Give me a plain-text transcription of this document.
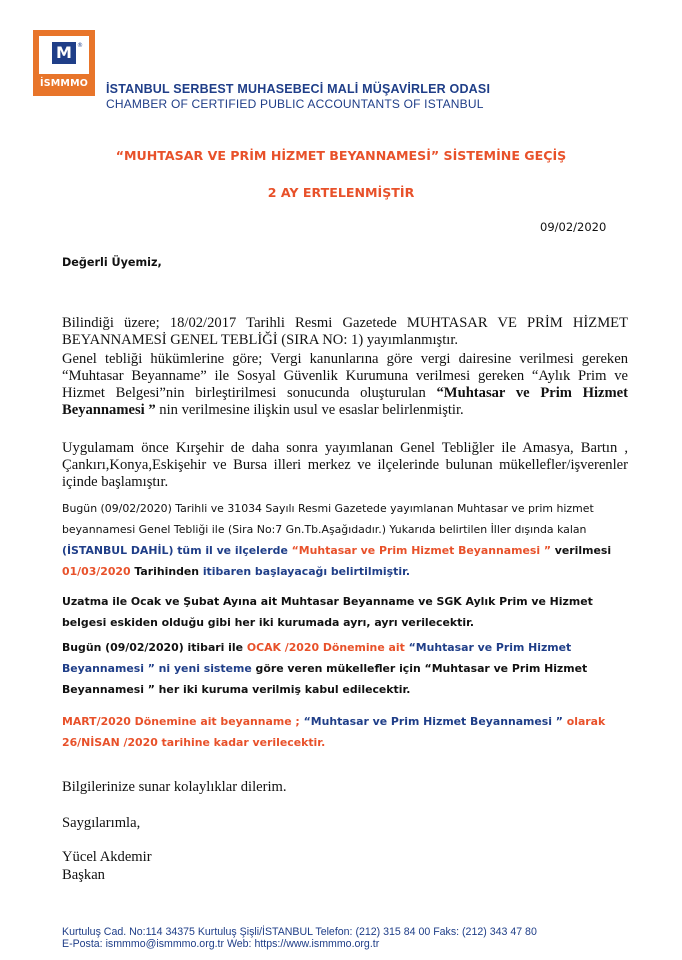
M ®
İSMMMO	İSTANBUL SERBEST MUHASEBECİ MALİ MÜŞAVİRLER ODASI
CHAMBER OF CERTIFIED PUBLIC ACCOUNTANTS OF ISTANBUL
“MUHTASAR VE PRİM HİZMET BEYANNAMESİ” SİSTEMİNE GEÇİŞ
2 AY ERTELENMİŞTİR
09/02/2020
Değerli Üyemiz,
Bilindiği üzere; 18/02/2017 Tarihli Resmi Gazetede MUHTASAR VE PRİM HİZMET BEYANNAMESİ GENEL TEBLİĞİ (SIRA NO: 1) yayımlanmıştır.
Genel tebliği hükümlerine göre; Vergi kanunlarına göre vergi dairesine verilmesi gereken “Muhtasar Beyanname” ile Sosyal Güvenlik Kurumuna verilmesi gereken “Aylık Prim ve Hizmet Belgesi”nin birleştirilmesi sonucunda oluşturulan “Muhtasar ve Prim Hizmet Beyannamesi ” nin verilmesine ilişkin usul ve esaslar belirlenmiştir.
Uygulamam önce Kırşehir de daha sonra yayımlanan Genel Tebliğler ile Amasya, Bartın , Çankırı,Konya,Eskişehir ve Bursa illeri merkez ve ilçelerinde bulunan mükellefler/işverenler içinde başlamıştır.
Bugün (09/02/2020) Tarihli ve 31034 Sayılı Resmi Gazetede yayımlanan Muhtasar ve prim hizmet beyannamesi Genel Tebliği ile (Sira No:7 Gn.Tb.Aşağıdadır.) Yukarıda belirtilen İller dışında kalan (İSTANBUL DAHİL) tüm il ve ilçelerde “Muhtasar ve Prim Hizmet Beyannamesi ” verilmesi 01/03/2020 Tarihinden itibaren başlayacağı belirtilmiştir.
Uzatma ile Ocak ve Şubat Ayına ait Muhtasar Beyanname ve SGK Aylık Prim ve Hizmet belgesi eskiden olduğu gibi her iki kurumada ayrı, ayrı verilecektir.
Bugün (09/02/2020) itibari ile OCAK /2020 Dönemine ait “Muhtasar ve Prim Hizmet Beyannamesi ” ni yeni sisteme göre veren mükellefler için “Muhtasar ve Prim Hizmet Beyannamesi ” her iki kuruma verilmiş kabul edilecektir.
MART/2020 Dönemine ait beyanname ; “Muhtasar ve Prim Hizmet Beyannamesi ” olarak 26/NİSAN /2020 tarihine kadar verilecektir.
Bilgilerinize sunar kolaylıklar dilerim.
Saygılarımla,
Yücel Akdemir
Başkan
Kurtuluş Cad. No:114 34375 Kurtuluş Şişli/İSTANBUL Telefon: (212) 315 84 00 Faks: (212) 343 47 80
E-Posta: ismmmo@ismmmo.org.tr Web: https://www.ismmmo.org.tr
